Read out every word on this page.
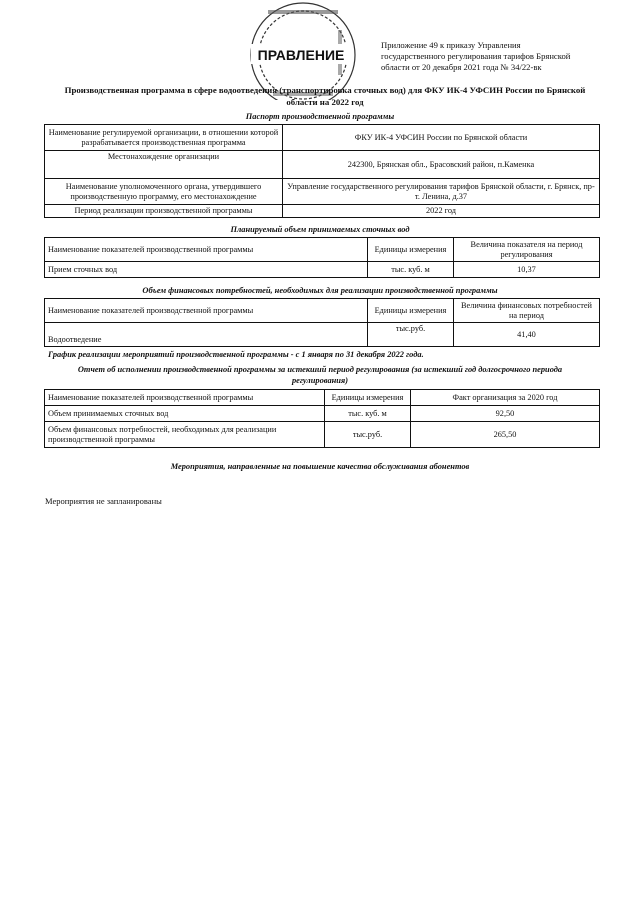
ПРАВЛЕНИЕ
Приложение 49 к приказу Управления
государственного регулирования тарифов Брянской
области от 20 декабря 2021 года № 34/22-вк
Производственная программа в сфере водоотведения (транспортировка сточных вод) для ФКУ ИК-4 УФСИН России по Брянской
области на 2022 год
Паспорт производственной программы
Наименование регулируемой организации, в отношении которой разрабатывается производственная программа	ФКУ ИК-4 УФСИН России по Брянской области
Местонахождение организации	242300, Брянская обл., Брасовский район, п.Каменка
Наименование уполномоченного органа, утвердившего производственную программу, его местонахождение	Управление государственного регулирования тарифов Брянской области, г. Брянск, пр-т. Ленина, д.37
Период реализации производственной программы	2022 год
Планируемый объем принимаемых сточных вод
Наименование показателей производственной программы	Единицы измерения	Величина показателя на период регулирования
Прием сточных вод	тыс. куб. м	10,37
Объем финансовых потребностей, необходимых для реализации производственной программы
Наименование показателей производственной программы	Единицы измерения	Величина финансовых потребностей на период
Водоотведение	тыс.руб.	41,40
График реализации мероприятий производственной программы - с 1 января по 31 декабря 2022 года.
Отчет об исполнении производственной программы за истекший период регулирования (за истекший год долгосрочного периода
регулирования)
Наименование показателей производственной программы	Единицы измерения	Факт организация за 2020 год
Объем принимаемых сточных вод	тыс. куб. м	92,50
Объем финансовых потребностей, необходимых для реализации производственной программы	тыс.руб.	265,50
Мероприятия, направленные на повышение качества обслуживания абонентов
Мероприятия не запланированы
